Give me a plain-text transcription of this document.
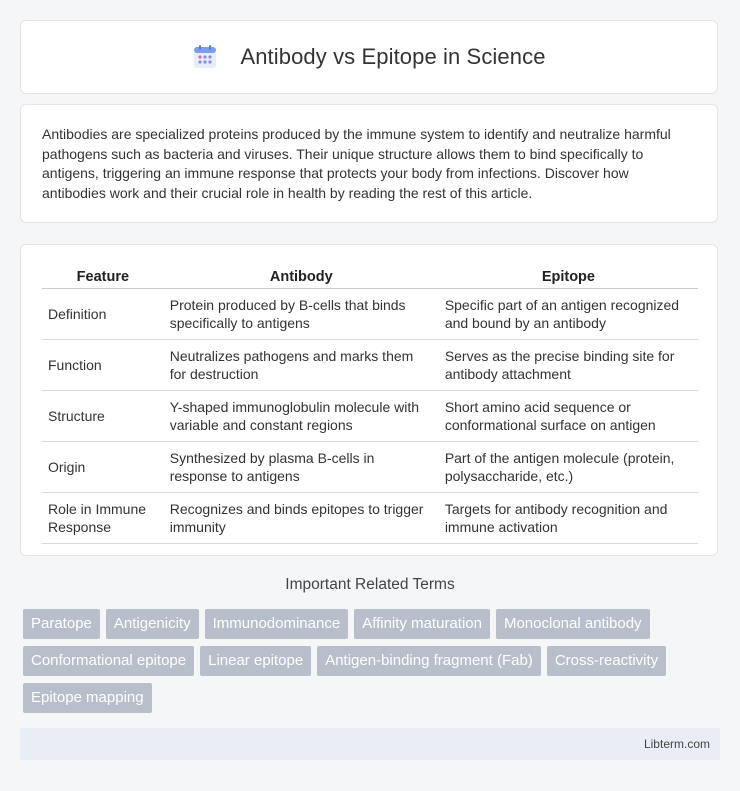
Antibody vs Epitope in Science

Antibodies are specialized proteins produced by the immune system to identify and neutralize harmful pathogens such as bacteria and viruses. Their unique structure allows them to bind specifically to antigens, triggering an immune response that protects your body from infections. Discover how antibodies work and their crucial role in health by reading the rest of this article.

Feature	Antibody	Epitope
Definition	Protein produced by B-cells that binds specifically to antigens	Specific part of an antigen recognized and bound by an antibody
Function	Neutralizes pathogens and marks them for destruction	Serves as the precise binding site for antibody attachment
Structure	Y-shaped immunoglobulin molecule with variable and constant regions	Short amino acid sequence or conformational surface on antigen
Origin	Synthesized by plasma B-cells in response to antigens	Part of the antigen molecule (protein, polysaccharide, etc.)
Role in Immune Response	Recognizes and binds epitopes to trigger immunity	Targets for antibody recognition and immune activation
Important Related Terms
Paratope Antigenicity Immunodominance Affinity maturation Monoclonal antibodyConformational epitope Linear epitope Antigen-binding fragment (Fab) Cross-reactivityEpitope mapping
Libterm.com
